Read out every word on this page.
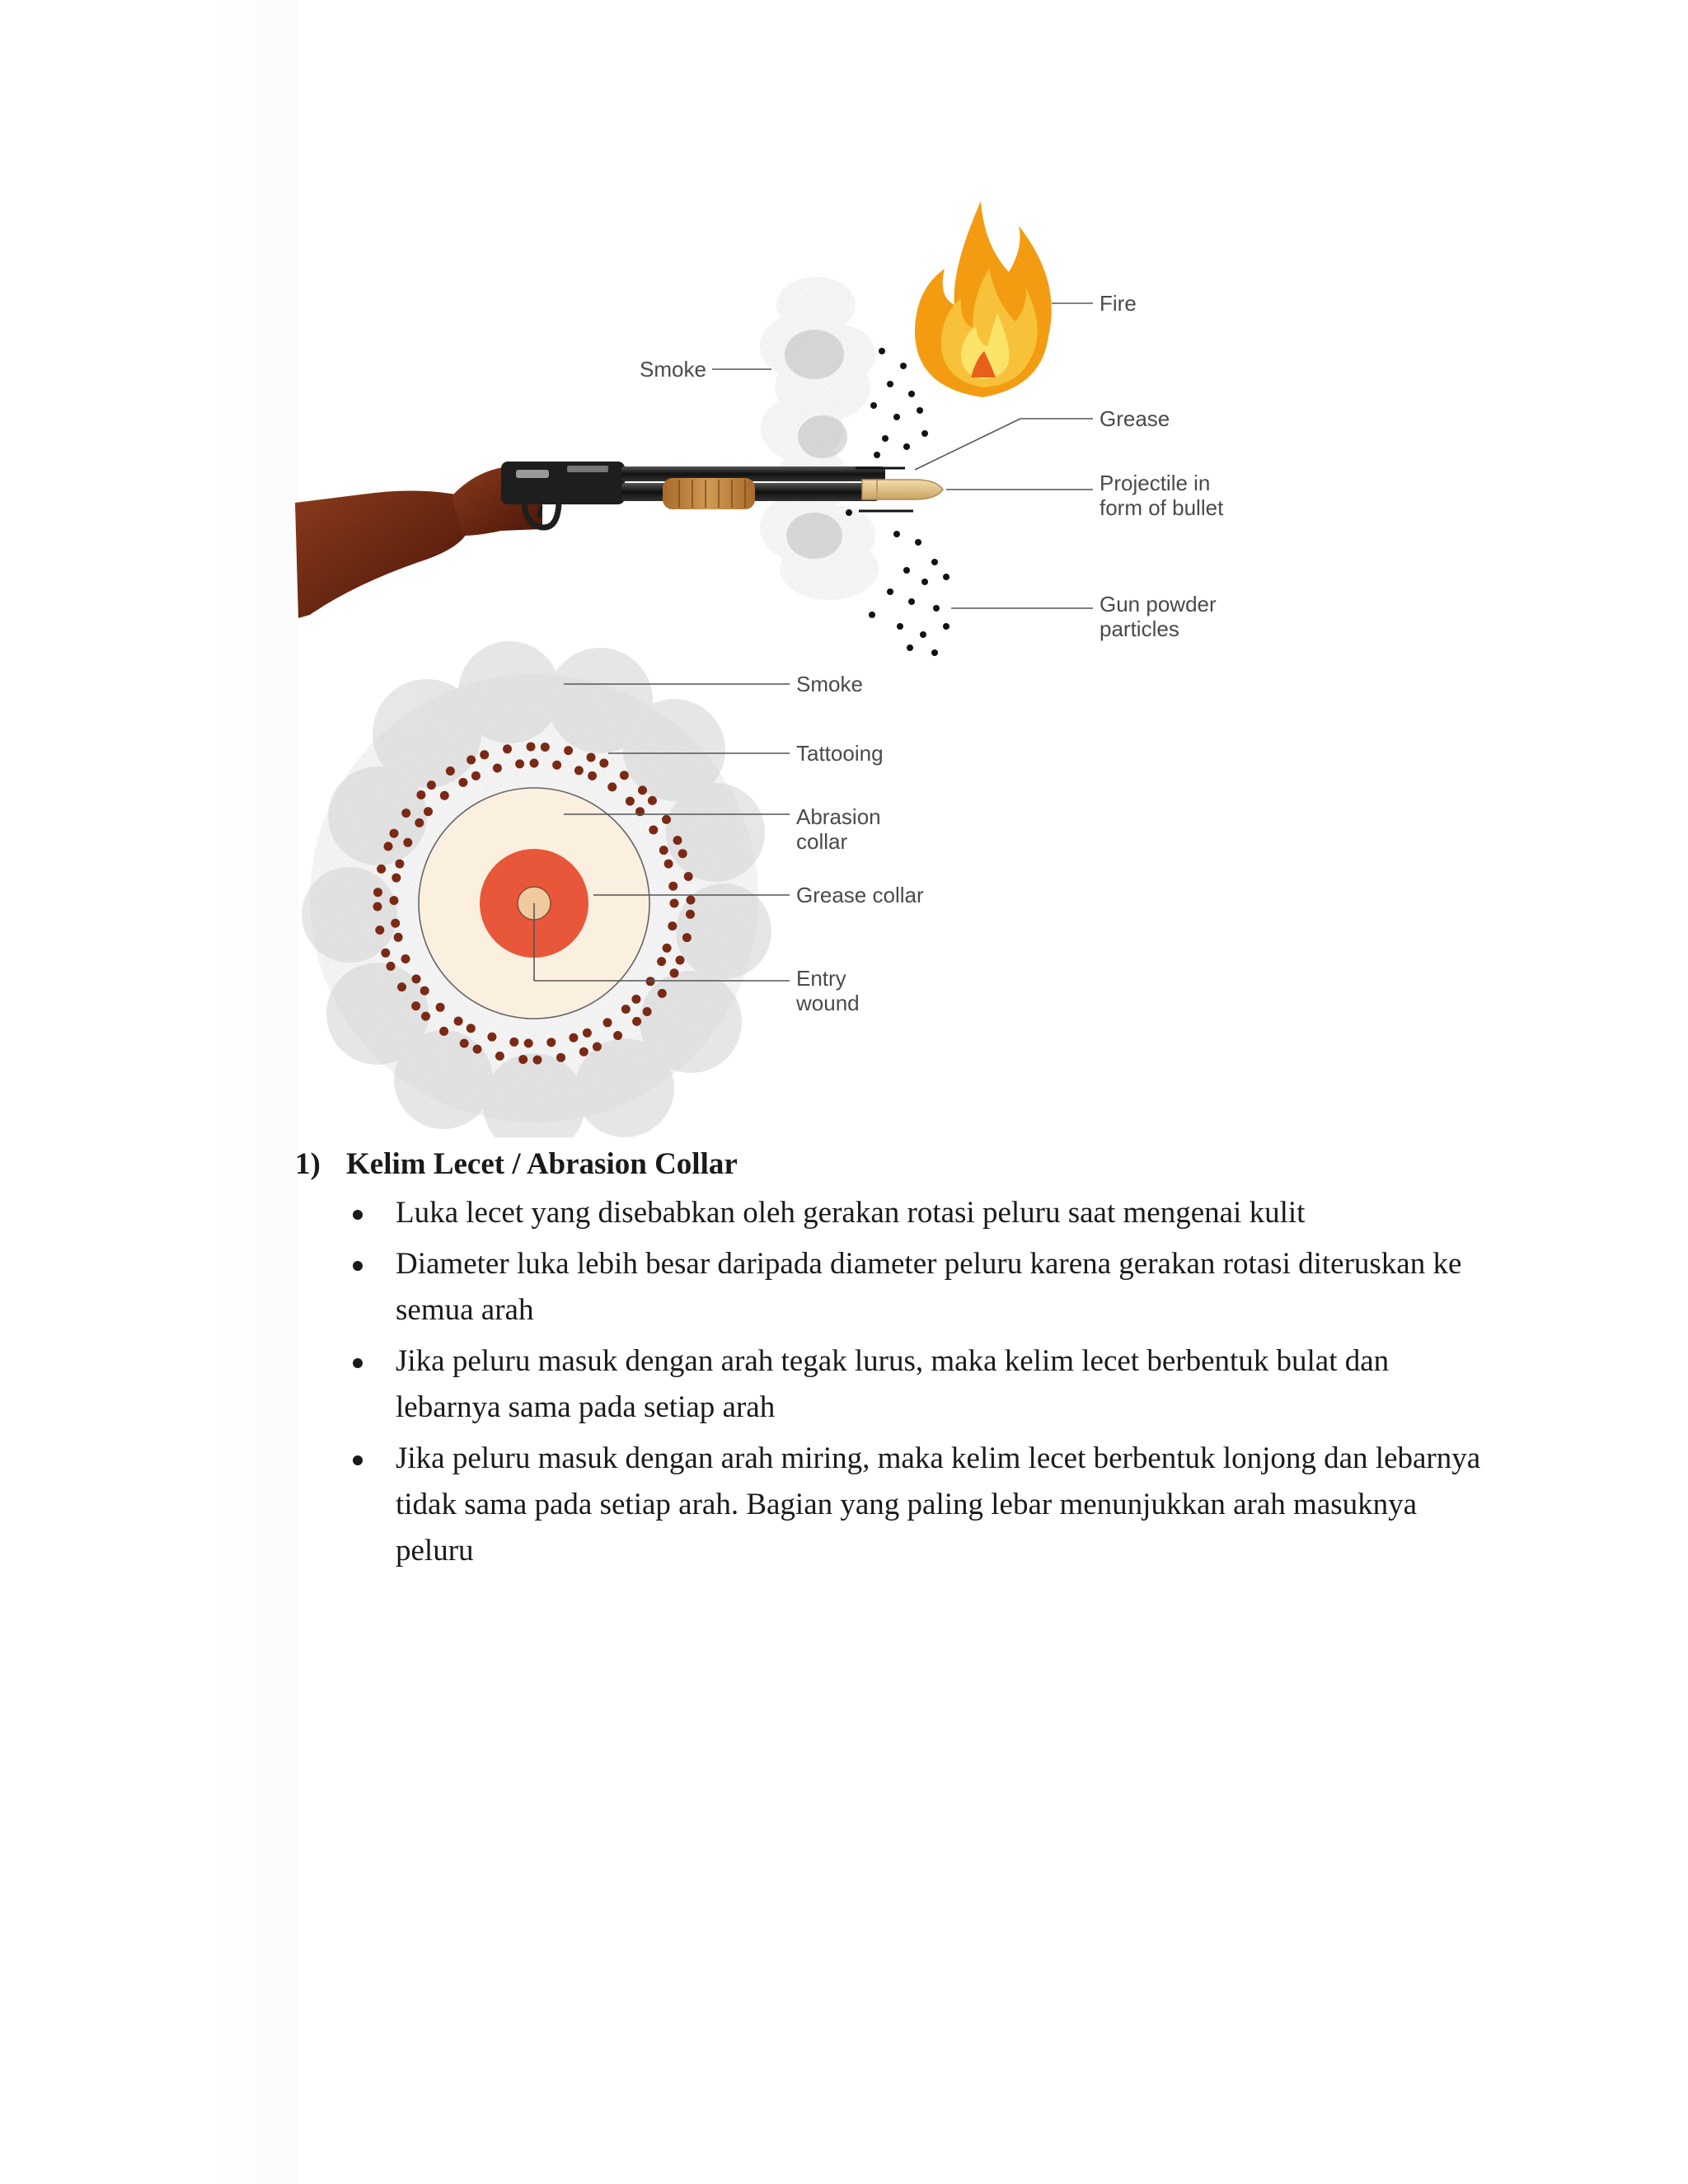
Smoke
Fire
Grease
Projectile in
form of bullet
Gun powder
particles
Smoke
Tattooing
Abrasion
collar
Grease collar
Entry
wound
1) Kelim Lecet / Abrasion Collar
Luka lecet yang disebabkan oleh gerakan rotasi peluru saat mengenai kulit
Diameter luka lebih besar daripada diameter peluru karena gerakan rotasi diteruskan ke semua arah
Jika peluru masuk dengan arah tegak lurus, maka kelim lecet berbentuk bulat dan lebarnya sama pada setiap arah
Jika peluru masuk dengan arah miring, maka kelim lecet berbentuk lonjong dan lebarnya tidak sama pada setiap arah. Bagian yang paling lebar menunjukkan arah masuknya peluru
